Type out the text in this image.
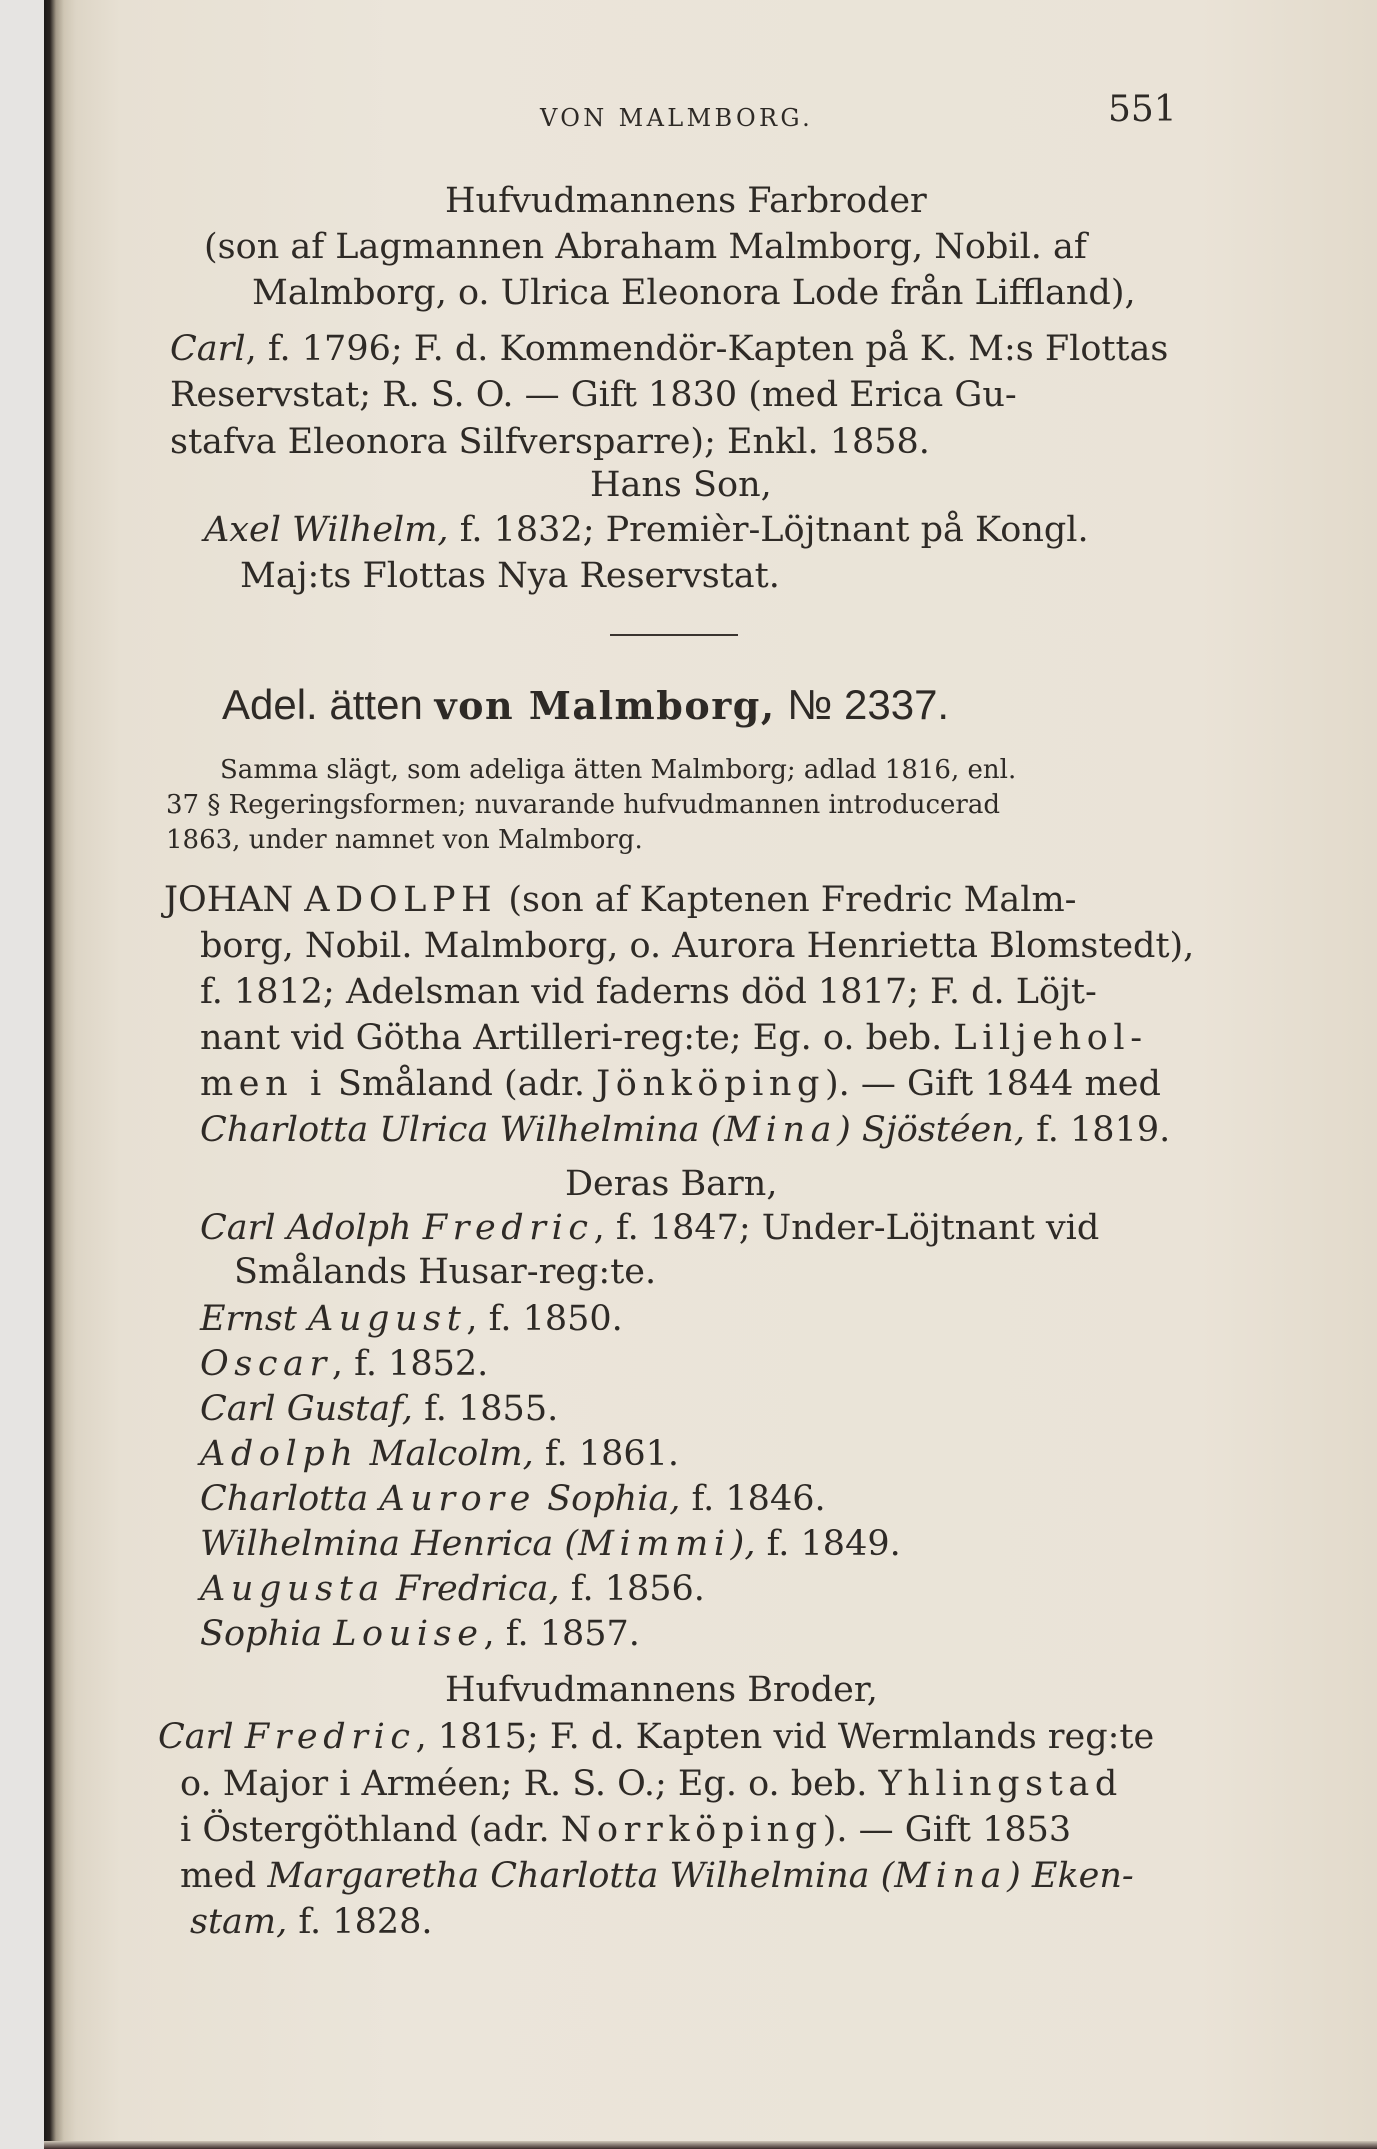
VON MALMBORG.	551
Hufvudmannens Farbroder
(son af Lagmannen Abraham Malmborg, Nobil. af
Malmborg, o. Ulrica Eleonora Lode från Liffland),
Carl, f. 1796; F. d. Kommendör-Kapten på K. M:s Flottas
Reservstat; R. S. O. — Gift 1830 (med Erica Gu-
stafva Eleonora Silfversparre); Enkl. 1858.
Hans Son,
Axel Wilhelm, f. 1832; Premièr-Löjtnant på Kongl.
Maj:ts Flottas Nya Reservstat.
Adel. ätten von Malmborg, № 2337.
Samma slägt, som adeliga ätten Malmborg; adlad 1816, enl.
37 § Regeringsformen; nuvarande hufvudmannen introducerad
1863, under namnet von Malmborg.
JOHAN ADOLPH (son af Kaptenen Fredric Malm-
borg, Nobil. Malmborg, o. Aurora Henrietta Blomstedt),
f. 1812; Adelsman vid faderns död 1817; F. d. Löjt-
nant vid Götha Artilleri-reg:te; Eg. o. beb. Liljehol-
men i Småland (adr. Jönköping). — Gift 1844 med
Charlotta Ulrica Wilhelmina (Mina) Sjöstéen, f. 1819.
Deras Barn,
Carl Adolph Fredric, f. 1847; Under-Löjtnant vid
Smålands Husar-reg:te.
Ernst August, f. 1850.
Oscar, f. 1852.
Carl Gustaf, f. 1855.
Adolph Malcolm, f. 1861.
Charlotta Aurore Sophia, f. 1846.
Wilhelmina Henrica (Mimmi), f. 1849.
Augusta Fredrica, f. 1856.
Sophia Louise, f. 1857.
Hufvudmannens Broder,
Carl Fredric, 1815; F. d. Kapten vid Wermlands reg:te
o. Major i Arméen; R. S. O.; Eg. o. beb. Yhlingstad
i Östergöthland (adr. Norrköping). — Gift 1853
med Margaretha Charlotta Wilhelmina (Mina) Eken-
stam, f. 1828.
